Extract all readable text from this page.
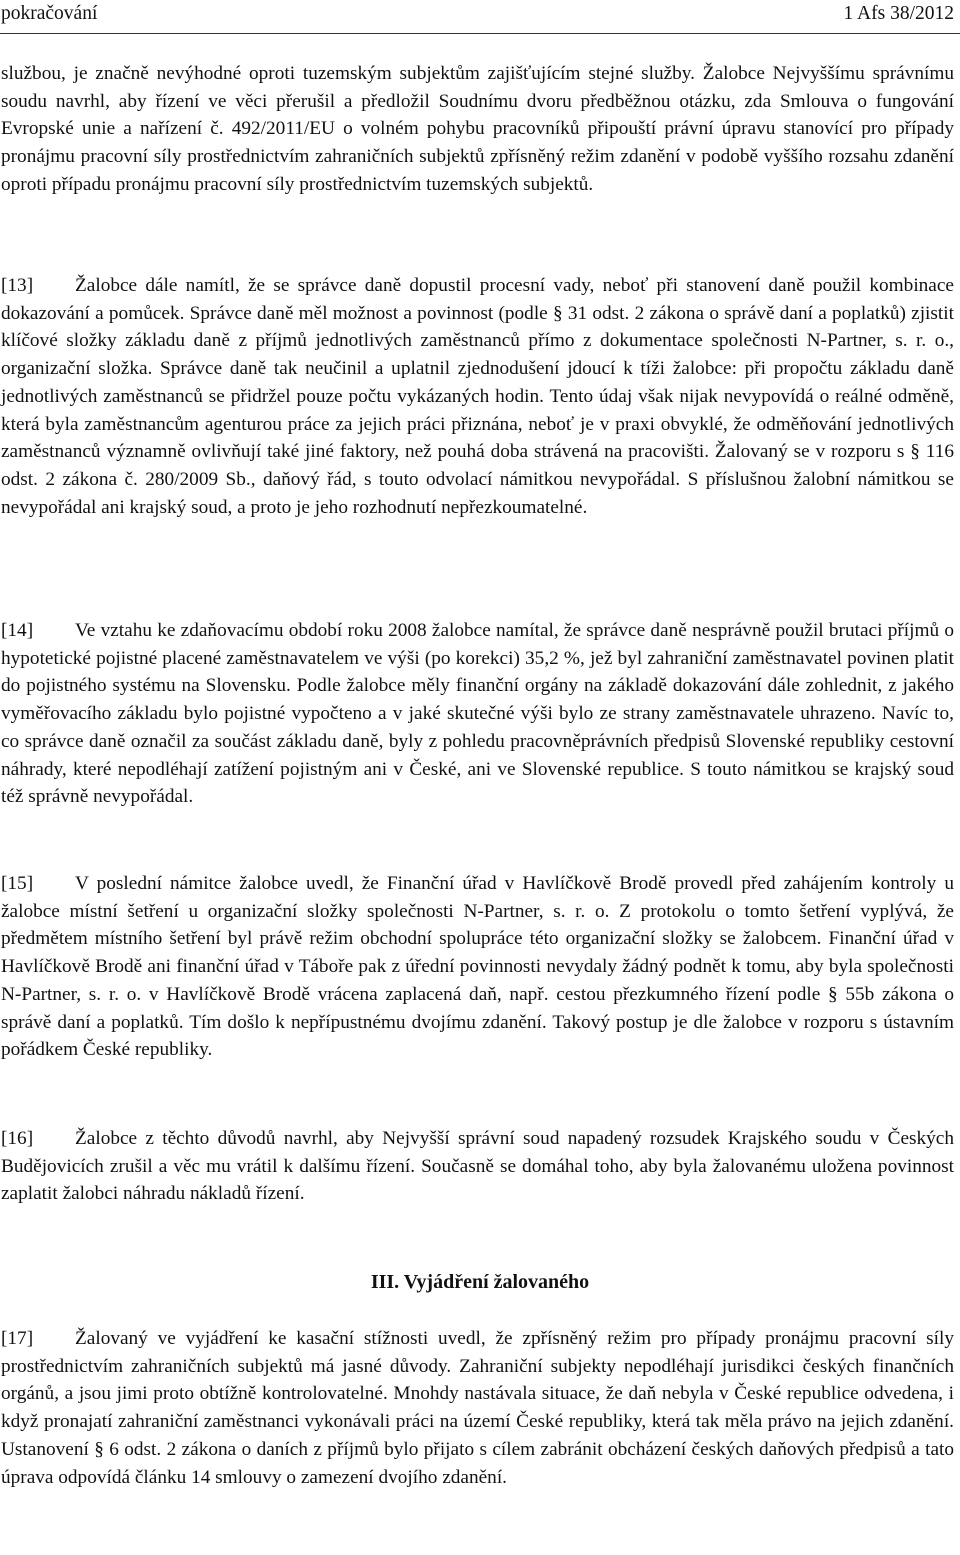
pokračování	1 Afs 38/2012

službou, je značně nevýhodné oproti tuzemským subjektům zajišťujícím stejné služby. Žalobce Nejvyššímu správnímu soudu navrhl, aby řízení ve věci přerušil a předložil Soudnímu dvoru předběžnou otázku, zda Smlouva o fungování Evropské unie a nařízení č. 492/2011/EU o volném pohybu pracovníků připouští právní úpravu stanovící pro případy pronájmu pracovní síly prostřednictvím zahraničních subjektů zpřísněný režim zdanění v podobě vyššího rozsahu zdanění oproti případu pronájmu pracovní síly prostřednictvím tuzemských subjektů.

[13] Žalobce dále namítl, že se správce daně dopustil procesní vady, neboť při stanovení daně použil kombinace dokazování a pomůcek. Správce daně měl možnost a povinnost (podle § 31 odst. 2 zákona o správě daní a poplatků) zjistit klíčové složky základu daně z příjmů jednotlivých zaměstnanců přímo z dokumentace společnosti N-Partner, s. r. o., organizační složka. Správce daně tak neučinil a uplatnil zjednodušení jdoucí k tíži žalobce: při propočtu základu daně jednotlivých zaměstnanců se přidržel pouze počtu vykázaných hodin. Tento údaj však nijak nevypovídá o reálné odměně, která byla zaměstnancům agenturou práce za jejich práci přiznána, neboť je v praxi obvyklé, že odměňování jednotlivých zaměstnanců významně ovlivňují také jiné faktory, než pouhá doba strávená na pracovišti. Žalovaný se v rozporu s § 116 odst. 2 zákona č. 280/2009 Sb., daňový řád, s touto odvolací námitkou nevypořádal. S příslušnou žalobní námitkou se nevypořádal ani krajský soud, a proto je jeho rozhodnutí nepřezkoumatelné.

[14] Ve vztahu ke zdaňovacímu období roku 2008 žalobce namítal, že správce daně nesprávně použil brutaci příjmů o hypotetické pojistné placené zaměstnavatelem ve výši (po korekci) 35,2 %, jež byl zahraniční zaměstnavatel povinen platit do pojistného systému na Slovensku. Podle žalobce měly finanční orgány na základě dokazování dále zohlednit, z jakého vyměřovacího základu bylo pojistné vypočteno a v jaké skutečné výši bylo ze strany zaměstnavatele uhrazeno. Navíc to, co správce daně označil za součást základu daně, byly z pohledu pracovněprávních předpisů Slovenské republiky cestovní náhrady, které nepodléhají zatížení pojistným ani v České, ani ve Slovenské republice. S touto námitkou se krajský soud též správně nevypořádal.

[15] V poslední námitce žalobce uvedl, že Finanční úřad v Havlíčkově Brodě provedl před zahájením kontroly u žalobce místní šetření u organizační složky společnosti N-Partner, s. r. o. Z protokolu o tomto šetření vyplývá, že předmětem místního šetření byl právě režim obchodní spolupráce této organizační složky se žalobcem. Finanční úřad v Havlíčkově Brodě ani finanční úřad v Táboře pak z úřední povinnosti nevydaly žádný podnět k tomu, aby byla společnosti N-Partner, s. r. o. v Havlíčkově Brodě vrácena zaplacená daň, např. cestou přezkumného řízení podle § 55b zákona o správě daní a poplatků. Tím došlo k nepřípustnému dvojímu zdanění. Takový postup je dle žalobce v rozporu s ústavním pořádkem České republiky.

[16] Žalobce z těchto důvodů navrhl, aby Nejvyšší správní soud napadený rozsudek Krajského soudu v Českých Budějovicích zrušil a věc mu vrátil k dalšímu řízení. Současně se domáhal toho, aby byla žalovanému uložena povinnost zaplatit žalobci náhradu nákladů řízení.

III. Vyjádření žalovaného

[17] Žalovaný ve vyjádření ke kasační stížnosti uvedl, že zpřísněný režim pro případy pronájmu pracovní síly prostřednictvím zahraničních subjektů má jasné důvody. Zahraniční subjekty nepodléhají jurisdikci českých finančních orgánů, a jsou jimi proto obtížně kontrolovatelné. Mnohdy nastávala situace, že daň nebyla v České republice odvedena, i když pronajatí zahraniční zaměstnanci vykonávali práci na území České republiky, která tak měla právo na jejich zdanění. Ustanovení § 6 odst. 2 zákona o daních z příjmů bylo přijato s cílem zabránit obcházení českých daňových předpisů a tato úprava odpovídá článku 14 smlouvy o zamezení dvojího zdanění.
